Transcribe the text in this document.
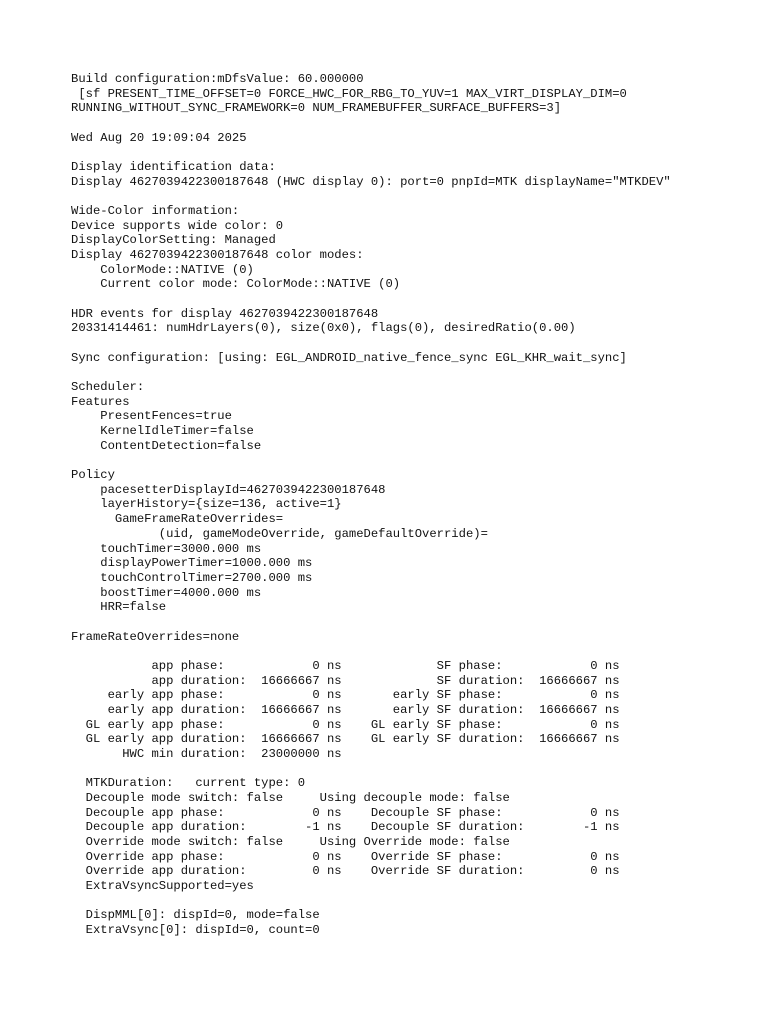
Build configuration:mDfsValue: 60.000000
[sf PRESENT_TIME_OFFSET=0 FORCE_HWC_FOR_RBG_TO_YUV=1 MAX_VIRT_DISPLAY_DIM=0
RUNNING_WITHOUT_SYNC_FRAMEWORK=0 NUM_FRAMEBUFFER_SURFACE_BUFFERS=3]
Wed Aug 20 19:09:04 2025
Display identification data:
Display 4627039422300187648 (HWC display 0): port=0 pnpId=MTK displayName="MTKDEV"
Wide-Color information:
Device supports wide color: 0
DisplayColorSetting: Managed
Display 4627039422300187648 color modes:
ColorMode::NATIVE (0)
Current color mode: ColorMode::NATIVE (0)
HDR events for display 4627039422300187648
20331414461: numHdrLayers(0), size(0x0), flags(0), desiredRatio(0.00)
Sync configuration: [using: EGL_ANDROID_native_fence_sync EGL_KHR_wait_sync]
Scheduler:
Features
PresentFences=true
KernelIdleTimer=false
ContentDetection=false
Policy
pacesetterDisplayId=4627039422300187648
layerHistory={size=136, active=1}
GameFrameRateOverrides=
(uid, gameModeOverride, gameDefaultOverride)=
touchTimer=3000.000 ms
displayPowerTimer=1000.000 ms
touchControlTimer=2700.000 ms
boostTimer=4000.000 ms
HRR=false
FrameRateOverrides=none
app phase:            0 ns             SF phase:            0 ns
app duration:  16666667 ns             SF duration:  16666667 ns
early app phase:            0 ns       early SF phase:            0 ns
early app duration:  16666667 ns       early SF duration:  16666667 ns
GL early app phase:            0 ns    GL early SF phase:            0 ns
GL early app duration:  16666667 ns    GL early SF duration:  16666667 ns
HWC min duration:  23000000 ns
MTKDuration:   current type: 0
Decouple mode switch: false     Using decouple mode: false
Decouple app phase:            0 ns    Decouple SF phase:            0 ns
Decouple app duration:        -1 ns    Decouple SF duration:        -1 ns
Override mode switch: false     Using Override mode: false
Override app phase:            0 ns    Override SF phase:            0 ns
Override app duration:         0 ns    Override SF duration:         0 ns
ExtraVsyncSupported=yes
DispMML[0]: dispId=0, mode=false
ExtraVsync[0]: dispId=0, count=0
